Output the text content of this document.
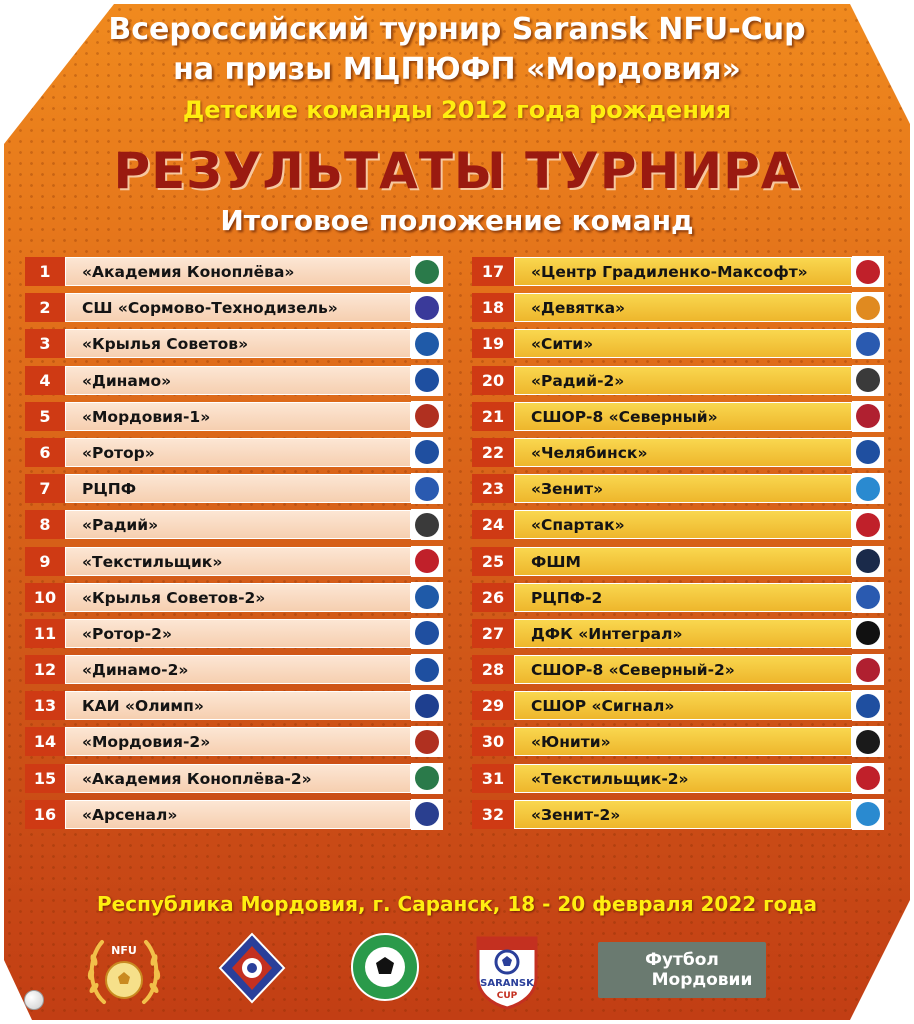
Всероссийский турнир Saransk NFU-Cup
на призы МЦПЮФП «Мордовия»
Детские команды 2012 года рождения
РЕЗУЛЬТАТЫ ТУРНИРА
Итоговое положение команд
1	«Академия Коноплёва»
2	СШ «Сормово-Технодизель»
3	«Крылья Советов»
4	«Динамо»
5	«Мордовия-1»
6	«Ротор»
7	РЦПФ
8	«Радий»
9	«Текстильщик»
10	«Крылья Советов-2»
11	«Ротор-2»
12	«Динамо-2»
13	КАИ «Олимп»
14	«Мордовия-2»
15	«Академия Коноплёва-2»
16	«Арсенал»
17	«Центр Градиленко-Максофт»
18	«Девятка»
19	«Сити»
20	«Радий-2»
21	СШОР-8 «Северный»
22	«Челябинск»
23	«Зенит»
24	«Спартак»
25	ФШМ
26	РЦПФ-2
27	ДФК «Интеграл»
28	СШОР-8 «Северный-2»
29	СШОР «Сигнал»
30	«Юнити»
31	«Текстильщик-2»
32	«Зенит-2»
Республика Мордовия, г. Саранск, 18 - 20 февраля 2022 года
NFU
SARANSK
CUP
Футбол
Мордовии
